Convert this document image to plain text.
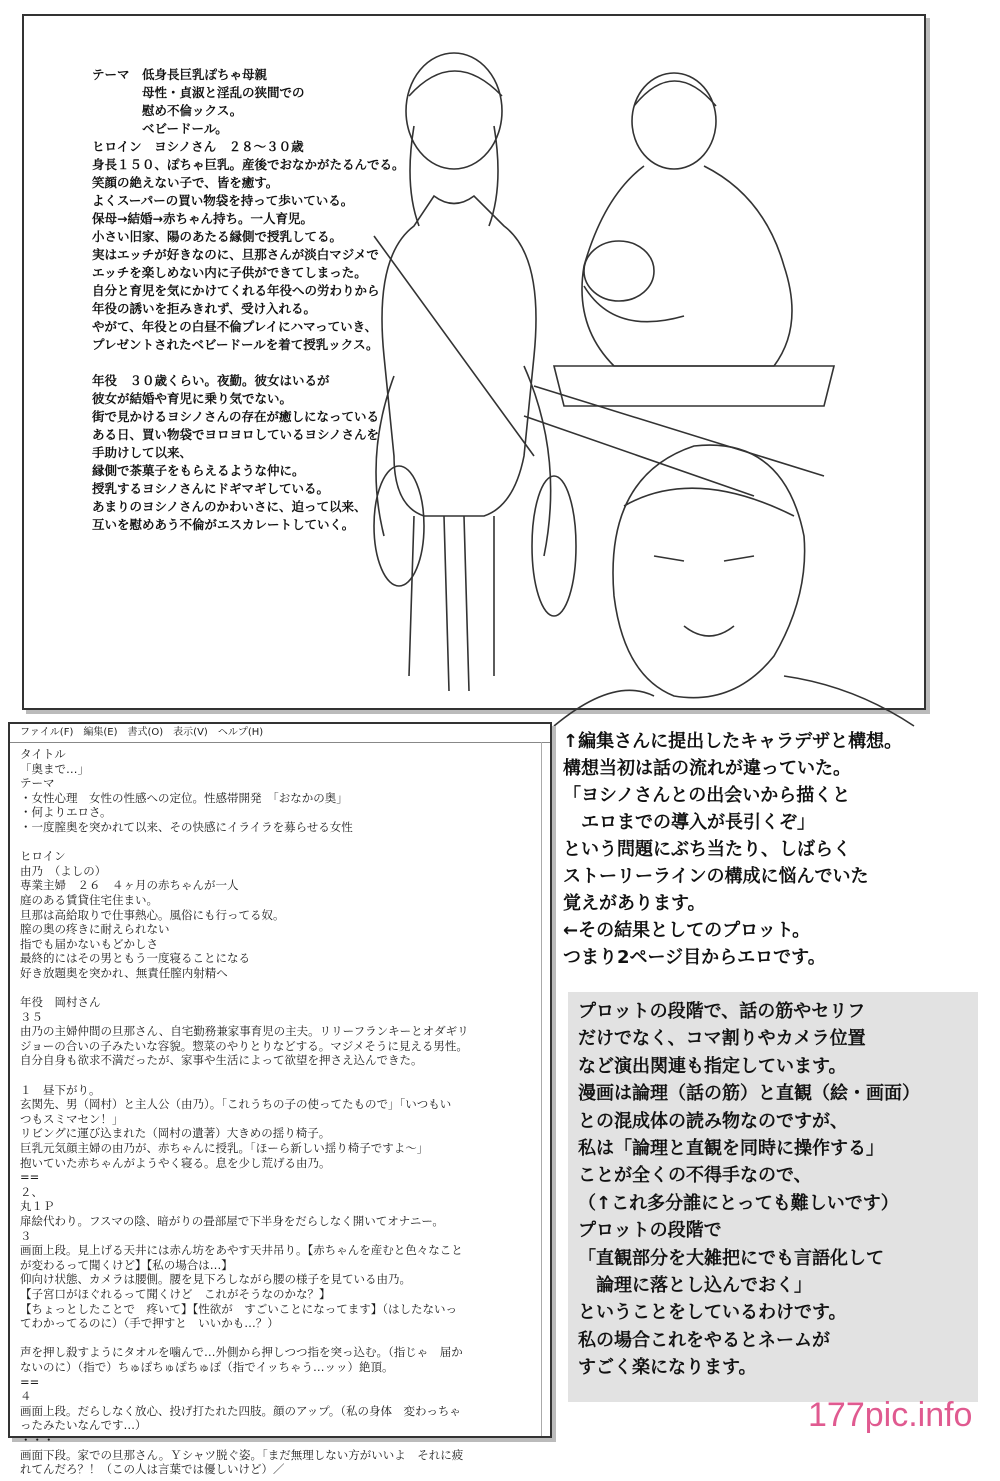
テーマ　低身長巨乳ぽちゃ母親
　　　　母性・貞淑と淫乱の狭間での
　　　　慰め不倫ックス。
　　　　ベビードール。
ヒロイン　ヨシノさん　２８〜３０歳
身長１５０、ぽちゃ巨乳。産後でおなかがたるんでる。
笑顔の絶えない子で、皆を癒す。
よくスーパーの買い物袋を持って歩いている。
保母→結婚→赤ちゃん持ち。一人育児。
小さい旧家、陽のあたる縁側で授乳してる。
実はエッチが好きなのに、旦那さんが淡白マジメで
エッチを楽しめない内に子供ができてしまった。
自分と育児を気にかけてくれる年役への労わりから
年役の誘いを拒みきれず、受け入れる。
やがて、年役との白昼不倫プレイにハマっていき、
プレゼントされたベビードールを着て授乳ックス。
年役　３０歳くらい。夜勤。彼女はいるが
彼女が結婚や育児に乗り気でない。
街で見かけるヨシノさんの存在が癒しになっている
ある日、買い物袋でヨロヨロしているヨシノさんを
手助けして以来、
縁側で茶菓子をもらえるような仲に。
授乳するヨシノさんにドギマギしている。
あまりのヨシノさんのかわいさに、迫って以来、
互いを慰めあう不倫がエスカレートしていく。
ファイル(F) 編集(E) 書式(O) 表示(V) ヘルプ(H)
タイトル
「奥まで…」
テーマ
・女性心理　女性の性感への定位。性感帯開発　「おなかの奥」
・何よりエロさ。
・一度膣奥を突かれて以来、その快感にイライラを募らせる女性
ヒロイン
由乃　（よしの）
専業主婦　２６　４ヶ月の赤ちゃんが一人
庭のある賃貸住宅住まい。
旦那は高給取りで仕事熱心。風俗にも行ってる奴。
膣の奥の疼きに耐えられない
指でも届かないもどかしさ
最終的にはその男ともう一度寝ることになる
好き放題奥を突かれ、無責任膣内射精へ
年役　岡村さん
３５
由乃の主婦仲間の旦那さん、自宅勤務兼家事育児の主夫。リリーフランキーとオダギリ
ジョーの合いの子みたいな容貌。惣菜のやりとりなどする。マジメそうに見える男性。
自分自身も欲求不満だったが、家事や生活によって欲望を押さえ込んできた。
１　昼下がり。
玄関先、男（岡村）と主人公（由乃）。「これうちの子の使ってたもので」「いつもい
つもスミマセン！」
リビングに運び込まれた（岡村の遺著）大きめの揺り椅子。
巨乳元気顔主婦の由乃が、赤ちゃんに授乳。「ほーら新しい揺り椅子ですよ〜」
抱いていた赤ちゃんがようやく寝る。息を少し荒げる由乃。
==
２、
丸１Ｐ
扉絵代わり。フスマの陰、暗がりの畳部屋で下半身をだらしなく開いてオナニー。
３
画面上段。見上げる天井には赤ん坊をあやす天井吊り。【赤ちゃんを産むと色々なこと
が変わるって聞くけど】【私の場合は…】
仰向け状態、カメラは腰側。腰を見下ろしながら腰の様子を見ている由乃。
【子宮口がほぐれるって聞くけど　これがそうなのかな？】
【ちょっとしたことで　疼いて】【性欲が　すごいことになってます】（はしたないっ
てわかってるのに）（手で押すと　いいかも…？）
声を押し殺すようにタオルを噛んで…外側から押しつつ指を突っ込む。（指じゃ　届か
ないのに）（指で）ちゅぽちゅぽちゅぽ（指でイッちゃう…ッッ）絶頂。
==
４
画面上段。だらしなく放心、投げ打たれた四肢。顔のアップ。（私の身体　変わっちゃ
ったみたいなんです…）
・・・
画面下段。家での旦那さん。Ｙシャツ脱ぐ姿。「まだ無理しない方がいいよ　それに疲
れてんだろ？！（この人は言葉では優しいけど）／
↑編集さんに提出したキャラデザと構想。
構想当初は話の流れが違っていた。
「ヨシノさんとの出会いから描くと
　エロまでの導入が長引くぞ」
という問題にぶち当たり、しばらく
ストーリーラインの構成に悩んでいた
覚えがあります。
←その結果としてのプロット。
つまり2ページ目からエロです。
プロットの段階で、話の筋やセリフ
だけでなく、コマ割りやカメラ位置
など演出関連も指定しています。
漫画は論理（話の筋）と直観（絵・画面）
との混成体の読み物なのですが、
私は「論理と直観を同時に操作する」
ことが全くの不得手なので、
（↑これ多分誰にとっても難しいです）
プロットの段階で
「直観部分を大雑把にでも言語化して
　論理に落とし込んでおく」
ということをしているわけです。
私の場合これをやるとネームが
すごく楽になります。
177pic.info
